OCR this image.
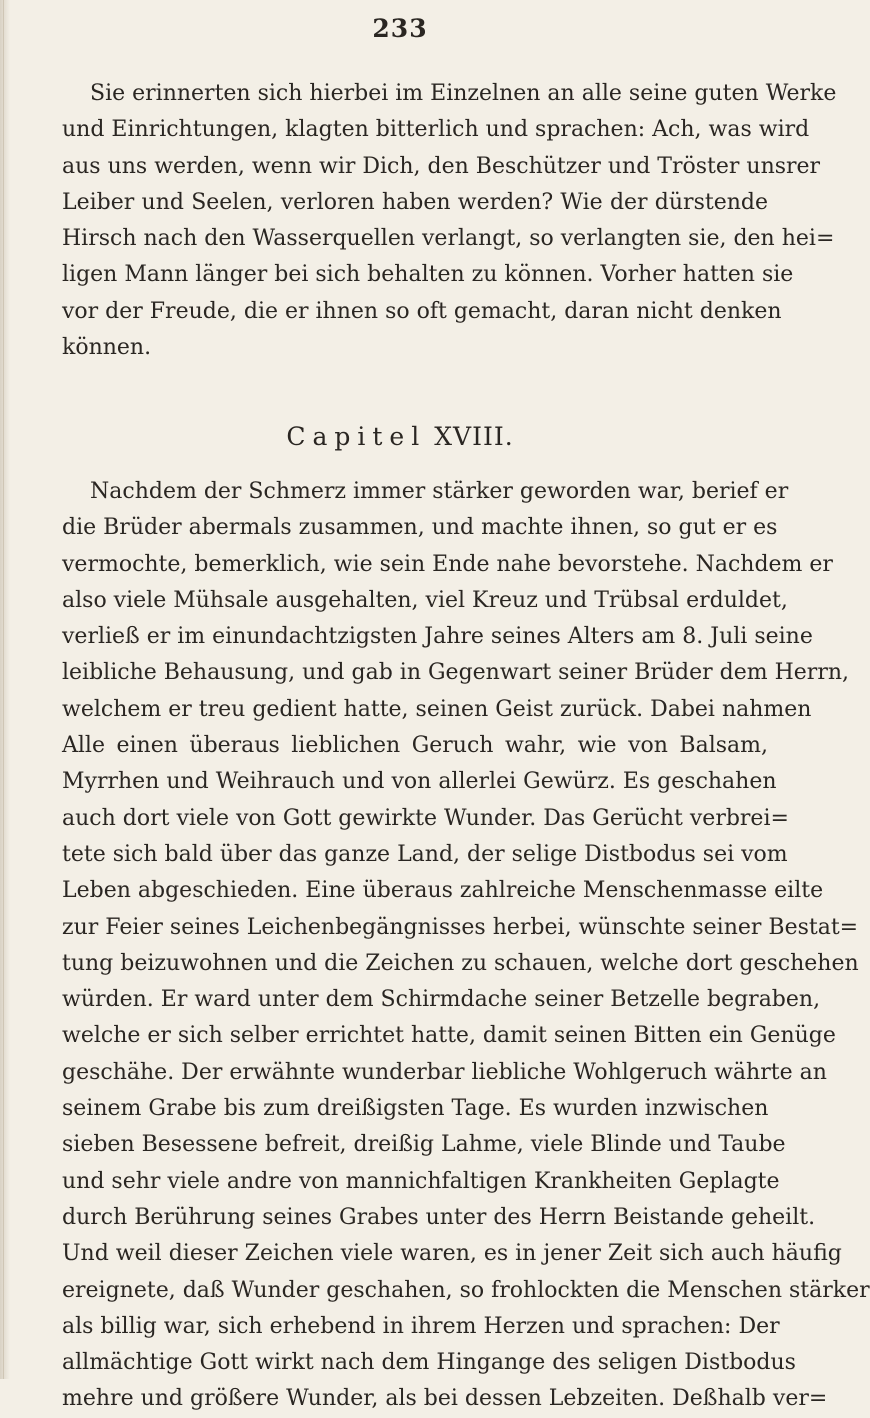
233
Sie erinnerten sich hierbei im Einzelnen an alle seine guten Werke
und Einrichtungen, klagten bitterlich und sprachen: Ach, was wird
aus uns werden, wenn wir Dich, den Beschützer und Tröster unsrer
Leiber und Seelen, verloren haben werden? Wie der dürstende
Hirsch nach den Wasserquellen verlangt, so verlangten sie, den hei=
ligen Mann länger bei sich behalten zu können. Vorher hatten sie
vor der Freude, die er ihnen so oft gemacht, daran nicht denken
können.
Capitel XVIII.
Nachdem der Schmerz immer stärker geworden war, berief er
die Brüder abermals zusammen, und machte ihnen, so gut er es
vermochte, bemerklich, wie sein Ende nahe bevorstehe. Nachdem er
also viele Mühsale ausgehalten, viel Kreuz und Trübsal erduldet,
verließ er im einundachtzigsten Jahre seines Alters am 8. Juli seine
leibliche Behausung, und gab in Gegenwart seiner Brüder dem Herrn,
welchem er treu gedient hatte, seinen Geist zurück. Dabei nahmen
Alle einen überaus lieblichen Geruch wahr, wie von Balsam,
Myrrhen und Weihrauch und von allerlei Gewürz. Es geschahen
auch dort viele von Gott gewirkte Wunder. Das Gerücht verbrei=
tete sich bald über das ganze Land, der selige Distbodus sei vom
Leben abgeschieden. Eine überaus zahlreiche Menschenmasse eilte
zur Feier seines Leichenbegängnisses herbei, wünschte seiner Bestat=
tung beizuwohnen und die Zeichen zu schauen, welche dort geschehen
würden. Er ward unter dem Schirmdache seiner Betzelle begraben,
welche er sich selber errichtet hatte, damit seinen Bitten ein Genüge
geschähe. Der erwähnte wunderbar liebliche Wohlgeruch währte an
seinem Grabe bis zum dreißigsten Tage. Es wurden inzwischen
sieben Besessene befreit, dreißig Lahme, viele Blinde und Taube
und sehr viele andre von mannichfaltigen Krankheiten Geplagte
durch Berührung seines Grabes unter des Herrn Beistande geheilt.
Und weil dieser Zeichen viele waren, es in jener Zeit sich auch häufig
ereignete, daß Wunder geschahen, so frohlockten die Menschen stärker
als billig war, sich erhebend in ihrem Herzen und sprachen: Der
allmächtige Gott wirkt nach dem Hingange des seligen Distbodus
mehre und größere Wunder, als bei dessen Lebzeiten. Deßhalb ver=
